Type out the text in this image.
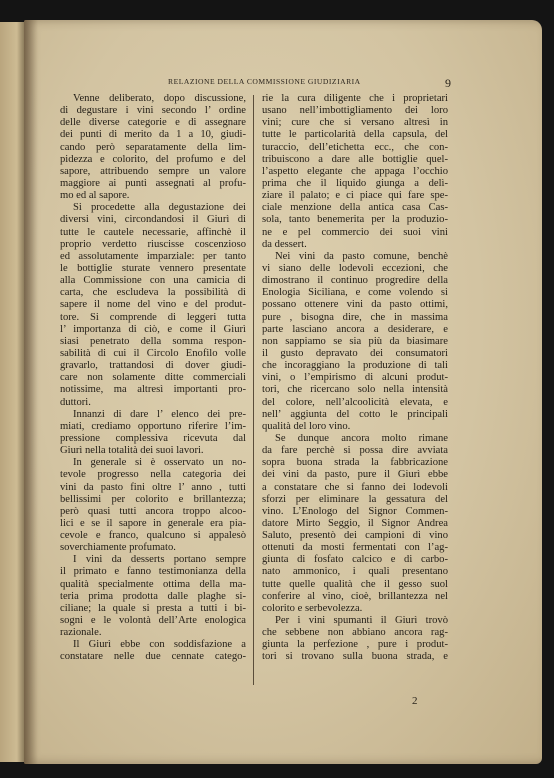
RELAZIONE DELLA COMMISSIONE GIUDIZIARIA	9
Venne deliberato, dopo discussione,
di degustare i vini secondo l’ ordine
delle diverse categorie e di assegnare
dei punti di merito da 1 a 10, giudi-
cando però separatamente della lim-
pidezza e colorito, del profumo e del
sapore, attribuendo sempre un valore
maggiore ai punti assegnati al profu-
mo ed al sapore.
Si procedette alla degustazione dei
diversi vini, circondandosi il Giurì di
tutte le cautele necessarie, affinchè il
proprio verdetto riuscisse coscenzioso
ed assolutamente imparziale: per tanto
le bottiglie sturate vennero presentate
alla Commissione con una camicia di
carta, che escludeva la possibilità di
sapere il nome del vino e del produt-
tore. Si comprende di leggeri tutta
l’ importanza di ciò, e come il Giurì
siasi penetrato della somma respon-
sabilità di cui il Circolo Enofilo volle
gravarlo, trattandosi di dover giudi-
care non solamente ditte commerciali
notissime, ma altresì importanti pro-
duttori.
Innanzi di dare l’ elenco dei pre-
miati, crediamo opportuno riferire l’im-
pressione complessiva ricevuta dal
Giurì nella totalità dei suoi lavori.
In generale si è osservato un no-
tevole progresso nella categoria dei
vini da pasto fini oltre l’ anno , tutti
bellissimi per colorito e brillantezza;
però quasi tutti ancora troppo alcoo-
lici e se il sapore in generale era pia-
cevole e franco, qualcuno si appalesò
soverchiamente profumato.
I vini da desserts portano sempre
il primato e fanno testimonianza della
qualità specialmente ottima della ma-
teria prima prodotta dalle plaghe si-
ciliane; la quale si presta a tutti i bi-
sogni e le volontà dell’Arte enologica
razionale.
Il Giurì ebbe con soddisfazione a
constatare nelle due cennate catego-
rie la cura diligente che i proprietari
usano nell’imbottigliamento dei loro
vini; cure che si versano altresì in
tutte le particolarità della capsula, del
turaccio, dell’etichetta ecc., che con-
tribuiscono a dare alle bottiglie quel-
l’aspetto elegante che appaga l’occhio
prima che il liquido giunga a delì-
ziare il palato; e ci piace qui fare spe-
ciale menzione della antica casa Cas-
sola, tanto benemerita per la produzio-
ne e pel commercio dei suoi vini
da dessert.
Nei vini da pasto comune, benchè
vi siano delle lodevoli eccezioni, che
dimostrano il continuo progredire della
Enologia Siciliana, e come volendo si
possano ottenere vini da pasto ottimi,
pure , bisogna dire, che in massima
parte lasciano ancora a desiderare, e
non sappiamo se sia più da biasimare
il gusto depravato dei consumatori
che incoraggiano la produzione di tali
vini, o l’empirismo di alcuni produt-
tori, che ricercano solo nella intensità
del colore, nell’alcoolicità elevata, e
nell’ aggiunta del cotto le principali
qualità del loro vino.
Se dunque ancora molto rimane
da fare perchè si possa dire avviata
sopra buona strada la fabbricazione
dei vini da pasto, pure il Giurì ebbe
a constatare che si fanno dei lodevoli
sforzi per eliminare la gessatura del
vino. L’Enologo del Signor Commen-
datore Mirto Seggio, il Signor Andrea
Saluto, presentò dei campioni di vino
ottenuti da mosti fermentati con l’ag-
giunta di fosfato calcico e di carbo-
nato ammonico, i quali presentano
tutte quelle qualità che il gesso suol
conferire al vino, cioè, brillantezza nel
colorito e serbevolezza.
Per i vini spumanti il Giurì trovò
che sebbene non abbiano ancora rag-
giunta la perfezione , pure i produt-
tori si trovano sulla buona strada, e
2
